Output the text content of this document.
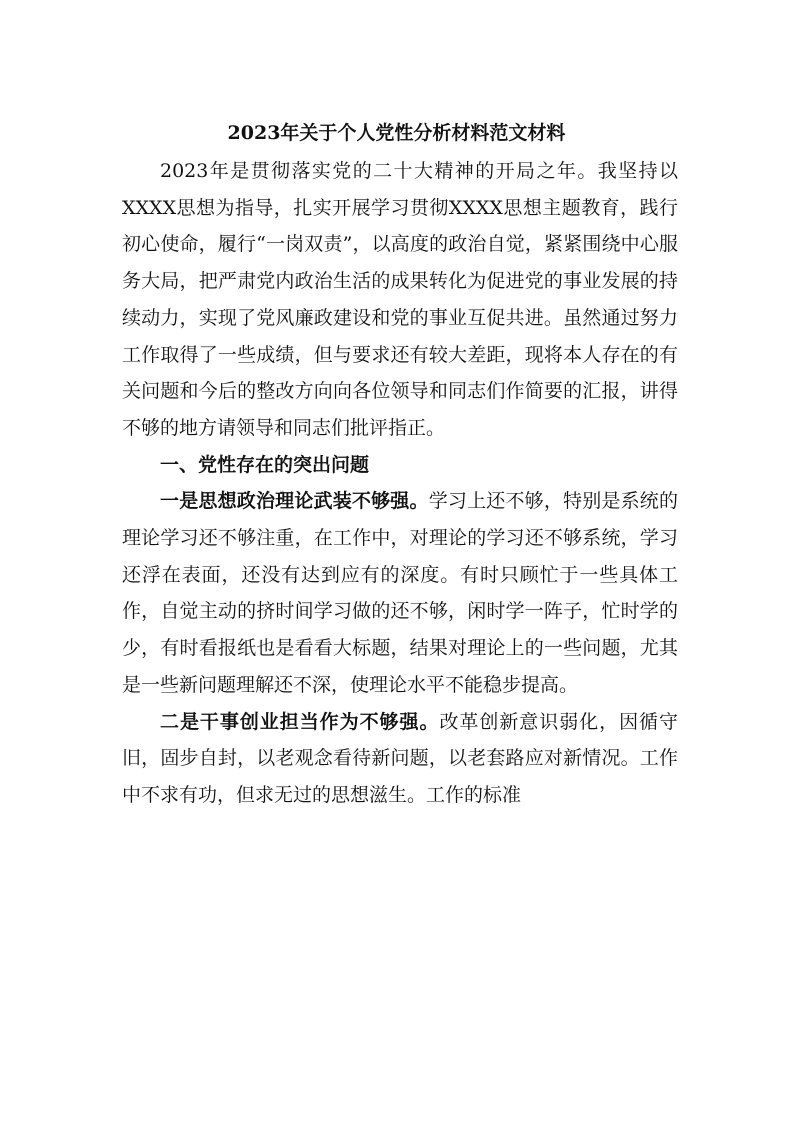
2023年关于个人党性分析材料范文材料

2023年是贯彻落实党的二十大精神的开局之年。我坚持以XXXX思想为指导，扎实开展学习贯彻XXXX思想主题教育，践行初心使命，履行“一岗双责”，以高度的政治自觉，紧紧围绕中心服务大局，把严肃党内政治生活的成果转化为促进党的事业发展的持续动力，实现了党风廉政建设和党的事业互促共进。虽然通过努力工作取得了一些成绩，但与要求还有较大差距，现将本人存在的有关问题和今后的整改方向向各位领导和同志们作简要的汇报，讲得不够的地方请领导和同志们批评指正。

一、党性存在的突出问题

一是思想政治理论武装不够强。学习上还不够，特别是系统的理论学习还不够注重，在工作中，对理论的学习还不够系统，学习还浮在表面，还没有达到应有的深度。有时只顾忙于一些具体工作，自觉主动的挤时间学习做的还不够，闲时学一阵子，忙时学的少，有时看报纸也是看看大标题，结果对理论上的一些问题，尤其是一些新问题理解还不深，使理论水平不能稳步提高。

二是干事创业担当作为不够强。改革创新意识弱化，因循守旧，固步自封，以老观念看待新问题，以老套路应对新情况。工作中不求有功，但求无过的思想滋生。工作的标准
